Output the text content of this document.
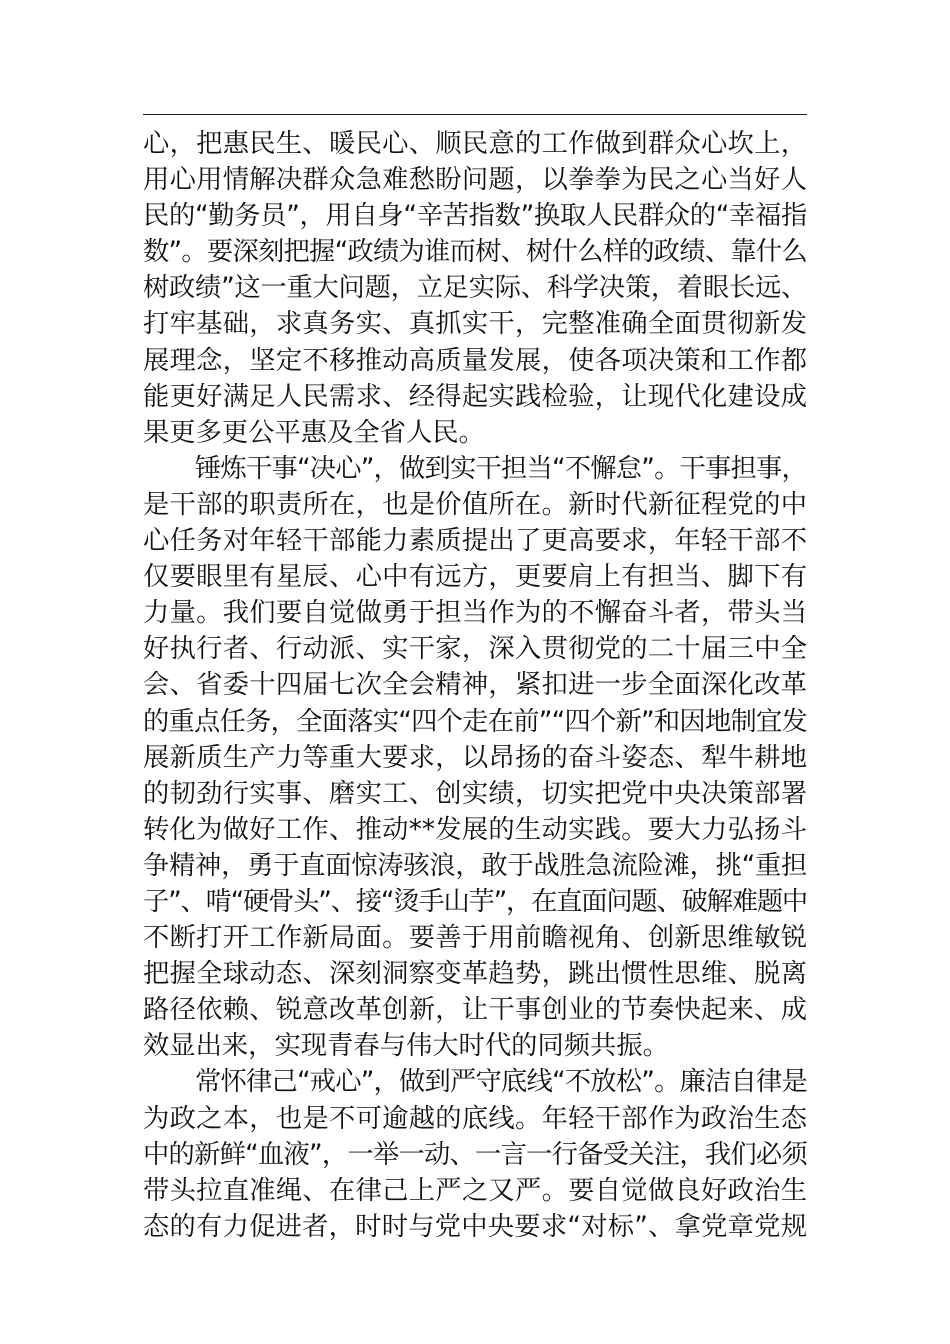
心，把惠民生、暖民心、顺民意的工作做到群众心坎上，
用心用情解决群众急难愁盼问题，以拳拳为民之心当好人
民的“勤务员”，用自身“辛苦指数”换取人民群众的“幸福指
数”。要深刻把握“政绩为谁而树、树什么样的政绩、靠什么
树政绩”这一重大问题，立足实际、科学决策，着眼长远、
打牢基础，求真务实、真抓实干，完整准确全面贯彻新发
展理念，坚定不移推动高质量发展，使各项决策和工作都
能更好满足人民需求、经得起实践检验，让现代化建设成
果更多更公平惠及全省人民。
锤炼干事“决心”，做到实干担当“不懈怠”。干事担事，
是干部的职责所在，也是价值所在。新时代新征程党的中
心任务对年轻干部能力素质提出了更高要求，年轻干部不
仅要眼里有星辰、心中有远方，更要肩上有担当、脚下有
力量。我们要自觉做勇于担当作为的不懈奋斗者，带头当
好执行者、行动派、实干家，深入贯彻党的二十届三中全
会、省委十四届七次全会精神，紧扣进一步全面深化改革
的重点任务，全面落实“四个走在前”“四个新”和因地制宜发
展新质生产力等重大要求，以昂扬的奋斗姿态、犁牛耕地
的韧劲行实事、磨实工、创实绩，切实把党中央决策部署
转化为做好工作、推动**发展的生动实践。要大力弘扬斗
争精神，勇于直面惊涛骇浪，敢于战胜急流险滩，挑“重担
子”、啃“硬骨头”、接“烫手山芋”，在直面问题、破解难题中
不断打开工作新局面。要善于用前瞻视角、创新思维敏锐
把握全球动态、深刻洞察变革趋势，跳出惯性思维、脱离
路径依赖、锐意改革创新，让干事创业的节奏快起来、成
效显出来，实现青春与伟大时代的同频共振。
常怀律己“戒心”，做到严守底线“不放松”。廉洁自律是
为政之本，也是不可逾越的底线。年轻干部作为政治生态
中的新鲜“血液”，一举一动、一言一行备受关注，我们必须
带头拉直准绳、在律己上严之又严。要自觉做良好政治生
态的有力促进者，时时与党中央要求“对标”、拿党章党规
